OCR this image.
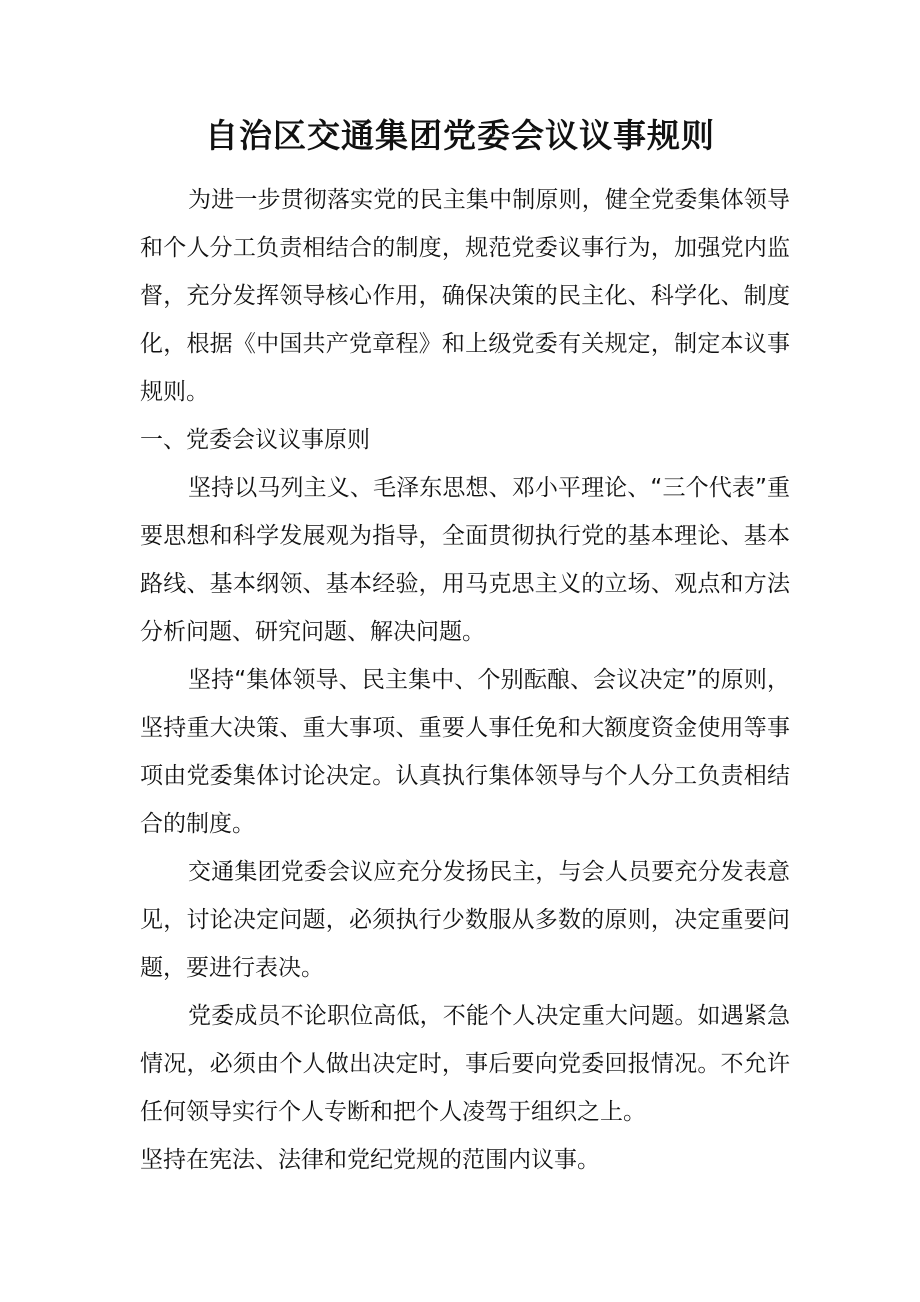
自治区交通集团党委会议议事规则

为进一步贯彻落实党的民主集中制原则，健全党委集体领导和个人分工负责相结合的制度，规范党委议事行为，加强党内监督，充分发挥领导核心作用，确保决策的民主化、科学化、制度化，根据《中国共产党章程》和上级党委有关规定，制定本议事规则。

一、党委会议议事原则

坚持以马列主义、毛泽东思想、邓小平理论、“三个代表”重要思想和科学发展观为指导，全面贯彻执行党的基本理论、基本路线、基本纲领、基本经验，用马克思主义的立场、观点和方法分析问题、研究问题、解决问题。

坚持“集体领导、民主集中、个别酝酿、会议决定”的原则，坚持重大决策、重大事项、重要人事任免和大额度资金使用等事项由党委集体讨论决定。认真执行集体领导与个人分工负责相结合的制度。

交通集团党委会议应充分发扬民主，与会人员要充分发表意见，讨论决定问题，必须执行少数服从多数的原则，决定重要问题，要进行表决。

党委成员不论职位高低，不能个人决定重大问题。如遇紧急情况，必须由个人做出决定时，事后要向党委回报情况。不允许任何领导实行个人专断和把个人凌驾于组织之上。

坚持在宪法、法律和党纪党规的范围内议事。
